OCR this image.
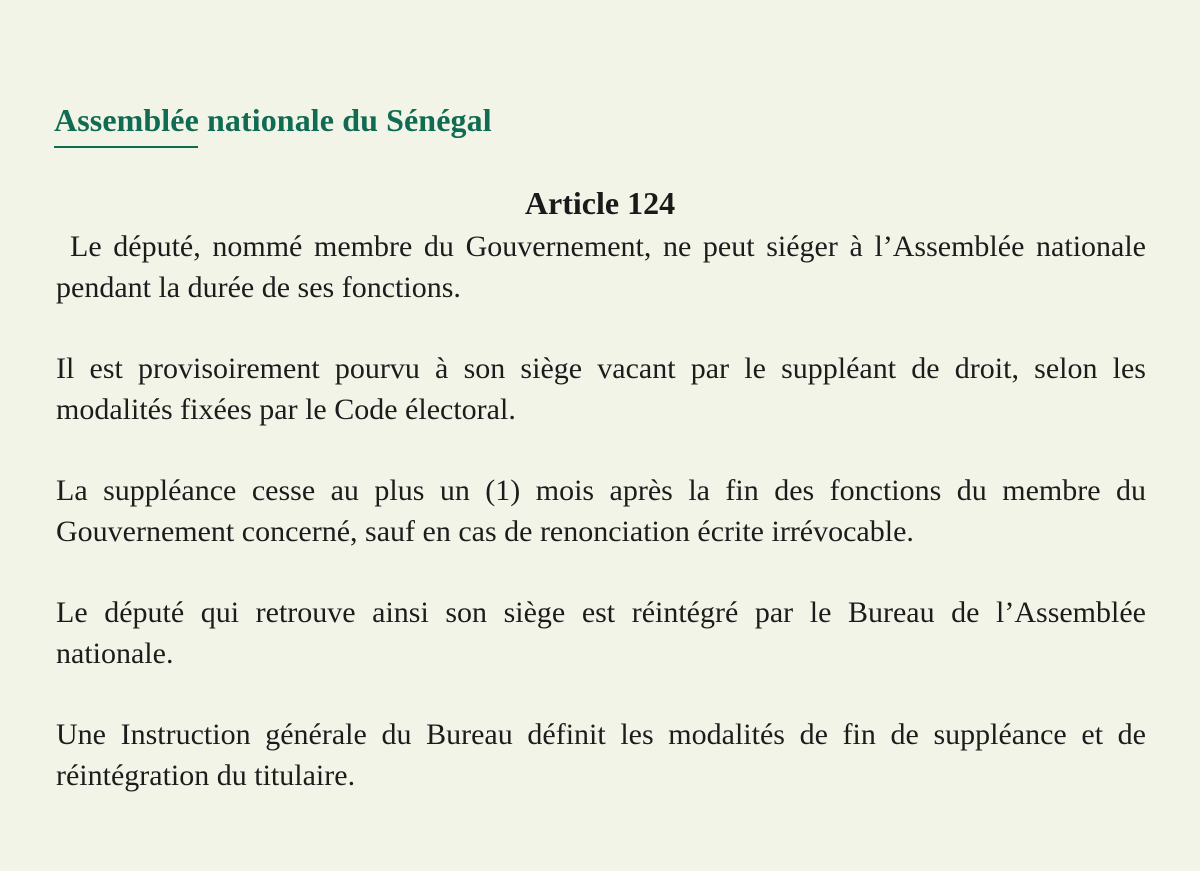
Assemblée nationale du Sénégal
Article 124

Le député, nommé membre du Gouvernement, ne peut siéger à l’Assemblée nationale pendant la durée de ses fonctions.

Il est provisoirement pourvu à son siège vacant par le suppléant de droit, selon les modalités fixées par le Code électoral.

La suppléance cesse au plus un (1) mois après la fin des fonctions du membre du Gouvernement concerné, sauf en cas de renonciation écrite irrévocable.

Le député qui retrouve ainsi son siège est réintégré par le Bureau de l’Assemblée nationale.

Une Instruction générale du Bureau définit les modalités de fin de suppléance et de réintégration du titulaire.
